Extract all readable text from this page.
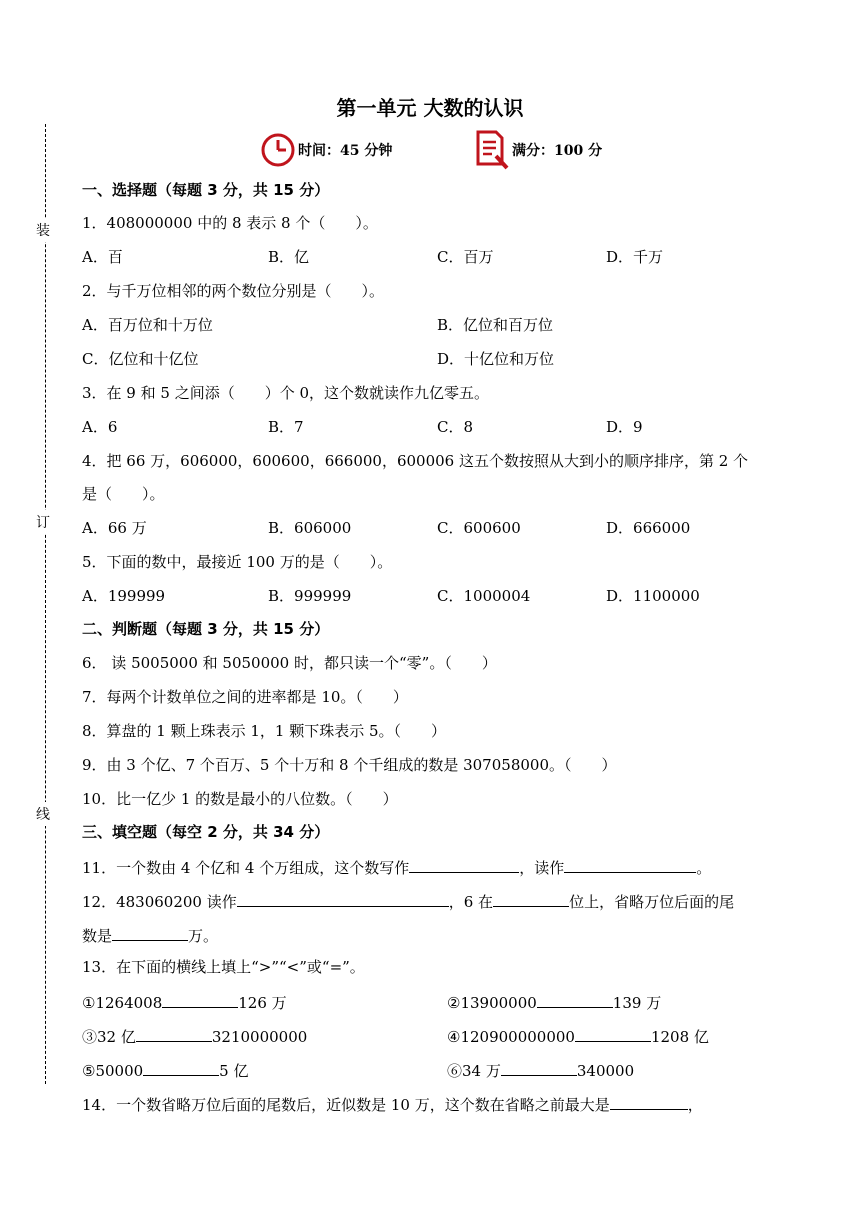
装
订
线
第一单元 大数的认识
时间：45 分钟	满分：100 分
一、选择题（每题 3 分，共 15 分）
1．408000000 中的 8 表示 8 个（　　）。
A．百	B．亿	C．百万	D．千万
2．与千万位相邻的两个数位分别是（　　）。
A．百万位和十万位	B．亿位和百万位
C．亿位和十亿位	D．十亿位和万位
3．在 9 和 5 之间添（　　）个 0，这个数就读作九亿零五。
A．6	B．7	C．8	D．9
4．把 66 万，606000，600600，666000，600006 这五个数按照从大到小的顺序排序，第 2 个
是（　　）。
A．66 万	B．606000	C．600600	D．666000
5．下面的数中，最接近 100 万的是（　　）。
A．199999	B．999999	C．1000004	D．1100000
二、判断题（每题 3 分，共 15 分）
6． 读 5005000 和 5050000 时，都只读一个“零”。（　　）
7．每两个计数单位之间的进率都是 10。（　　）
8．算盘的 1 颗上珠表示 1，1 颗下珠表示 5。（　　）
9．由 3 个亿、7 个百万、5 个十万和 8 个千组成的数是 307058000。（　　）
10．比一亿少 1 的数是最小的八位数。（　　）
三、填空题（每空 2 分，共 34 分）
11．一个数由 4 个亿和 4 个万组成，这个数写作	，读作	。
12．483060200 读作	，6 在	位上，省略万位后面的尾
数是	万。
13．在下面的横线上填上“>”“<”或“=”。
①1264008	126 万	②13900000	139 万
③32 亿	3210000000	④120900000000	1208 亿
⑤50000	5 亿	⑥34 万	340000
14．一个数省略万位后面的尾数后，近似数是 10 万，这个数在省略之前最大是	，
